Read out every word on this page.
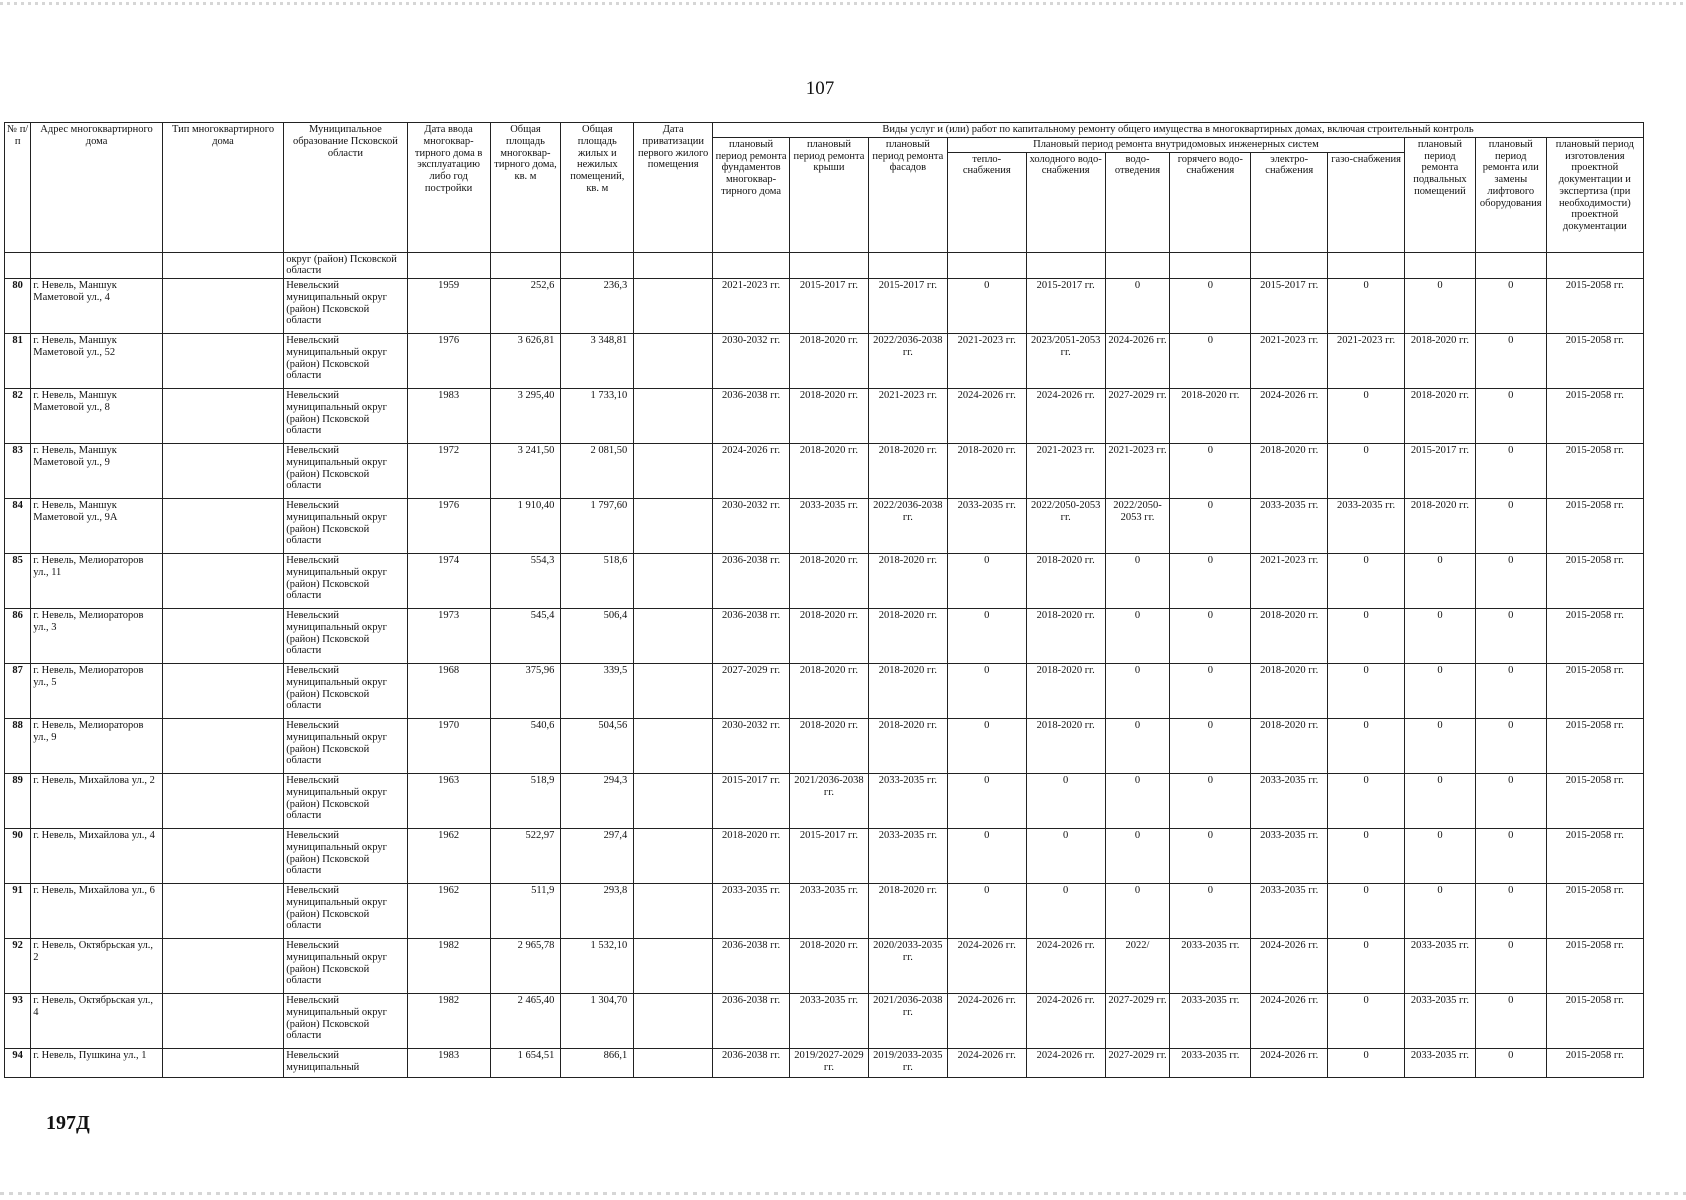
107
№ п/п	Адрес многоквартирного дома	Тип многоквартирного дома	Муниципальное образование Псковской области	Дата ввода многоквар-тирного дома в эксплуатацию либо год постройки	Общая площадь многоквар-тирного дома, кв. м	Общая площадь жилых и нежилых помещений, кв. м	Дата приватизации первого жилого помещения	Виды услуг и (или) работ по капитальному ремонту общего имущества в многоквартирных домах, включая строительный контроль											
								плановый период ремонта фундаментов многоквар-тирного дома	плановый период ремонта крыши	плановый период ремонта фасадов	Плановый период ремонта внутридомовых инженерных систем						плановый период ремонта подвальных помещений	плановый период ремонта или замены лифтового оборудования	плановый период изготовления проектной документации и экспертиза (при необходимости) проектной документации
											тепло-снабжения	холодного водо-снабжения	водо-отведения	горячего водо-снабжения	электро-снабжения	газо-снабжения			
			округ (район) Псковской области																
80	г. Невель, Маншук Маметовой ул., 4		Невельский муниципальный округ (район) Псковской области	1959	252,6	236,3		2021-2023 гг.	2015-2017 гг.	2015-2017 гг.	0	2015-2017 гг.	0	0	2015-2017 гг.	0	0	0	2015-2058 гг.
81	г. Невель, Маншук Маметовой ул., 52		Невельский муниципальный округ (район) Псковской области	1976	3 626,81	3 348,81		2030-2032 гг.	2018-2020 гг.	2022/2036-2038 гг.	2021-2023 гг.	2023/2051-2053 гг.	2024-2026 гг.	0	2021-2023 гг.	2021-2023 гг.	2018-2020 гг.	0	2015-2058 гг.
82	г. Невель, Маншук Маметовой ул., 8		Невельский муниципальный округ (район) Псковской области	1983	3 295,40	1 733,10		2036-2038 гг.	2018-2020 гг.	2021-2023 гг.	2024-2026 гг.	2024-2026 гг.	2027-2029 гг.	2018-2020 гг.	2024-2026 гг.	0	2018-2020 гг.	0	2015-2058 гг.
83	г. Невель, Маншук Маметовой ул., 9		Невельский муниципальный округ (район) Псковской области	1972	3 241,50	2 081,50		2024-2026 гг.	2018-2020 гг.	2018-2020 гг.	2018-2020 гг.	2021-2023 гг.	2021-2023 гг.	0	2018-2020 гг.	0	2015-2017 гг.	0	2015-2058 гг.
84	г. Невель, Маншук Маметовой ул., 9А		Невельский муниципальный округ (район) Псковской области	1976	1 910,40	1 797,60		2030-2032 гг.	2033-2035 гг.	2022/2036-2038 гг.	2033-2035 гг.	2022/2050-2053 гг.	2022/2050-2053 гг.	0	2033-2035 гг.	2033-2035 гг.	2018-2020 гг.	0	2015-2058 гг.
85	г. Невель, Мелиораторов ул., 11		Невельский муниципальный округ (район) Псковской области	1974	554,3	518,6		2036-2038 гг.	2018-2020 гг.	2018-2020 гг.	0	2018-2020 гг.	0	0	2021-2023 гг.	0	0	0	2015-2058 гг.
86	г. Невель, Мелиораторов ул., 3		Невельский муниципальный округ (район) Псковской области	1973	545,4	506,4		2036-2038 гг.	2018-2020 гг.	2018-2020 гг.	0	2018-2020 гг.	0	0	2018-2020 гг.	0	0	0	2015-2058 гг.
87	г. Невель, Мелиораторов ул., 5		Невельский муниципальный округ (район) Псковской области	1968	375,96	339,5		2027-2029 гг.	2018-2020 гг.	2018-2020 гг.	0	2018-2020 гг.	0	0	2018-2020 гг.	0	0	0	2015-2058 гг.
88	г. Невель, Мелиораторов ул., 9		Невельский муниципальный округ (район) Псковской области	1970	540,6	504,56		2030-2032 гг.	2018-2020 гг.	2018-2020 гг.	0	2018-2020 гг.	0	0	2018-2020 гг.	0	0	0	2015-2058 гг.
89	г. Невель, Михайлова ул., 2		Невельский муниципальный округ (район) Псковской области	1963	518,9	294,3		2015-2017 гг.	2021/2036-2038 гг.	2033-2035 гг.	0	0	0	0	2033-2035 гг.	0	0	0	2015-2058 гг.
90	г. Невель, Михайлова ул., 4		Невельский муниципальный округ (район) Псковской области	1962	522,97	297,4		2018-2020 гг.	2015-2017 гг.	2033-2035 гг.	0	0	0	0	2033-2035 гг.	0	0	0	2015-2058 гг.
91	г. Невель, Михайлова ул., 6		Невельский муниципальный округ (район) Псковской области	1962	511,9	293,8		2033-2035 гг.	2033-2035 гг.	2018-2020 гг.	0	0	0	0	2033-2035 гг.	0	0	0	2015-2058 гг.
92	г. Невель, Октябрьская ул., 2		Невельский муниципальный округ (район) Псковской области	1982	2 965,78	1 532,10		2036-2038 гг.	2018-2020 гг.	2020/2033-2035 гг.	2024-2026 гг.	2024-2026 гг.	2022/	2033-2035 гг.	2024-2026 гг.	0	2033-2035 гг.	0	2015-2058 гг.
93	г. Невель, Октябрьская ул., 4		Невельский муниципальный округ (район) Псковской области	1982	2 465,40	1 304,70		2036-2038 гг.	2033-2035 гг.	2021/2036-2038 гг.	2024-2026 гг.	2024-2026 гг.	2027-2029 гг.	2033-2035 гг.	2024-2026 гг.	0	2033-2035 гг.	0	2015-2058 гг.
94	г. Невель, Пушкина ул., 1		Невельский муниципальный	1983	1 654,51	866,1		2036-2038 гг.	2019/2027-2029 гг.	2019/2033-2035 гг.	2024-2026 гг.	2024-2026 гг.	2027-2029 гг.	2033-2035 гг.	2024-2026 гг.	0	2033-2035 гг.	0	2015-2058 гг.
197Д
